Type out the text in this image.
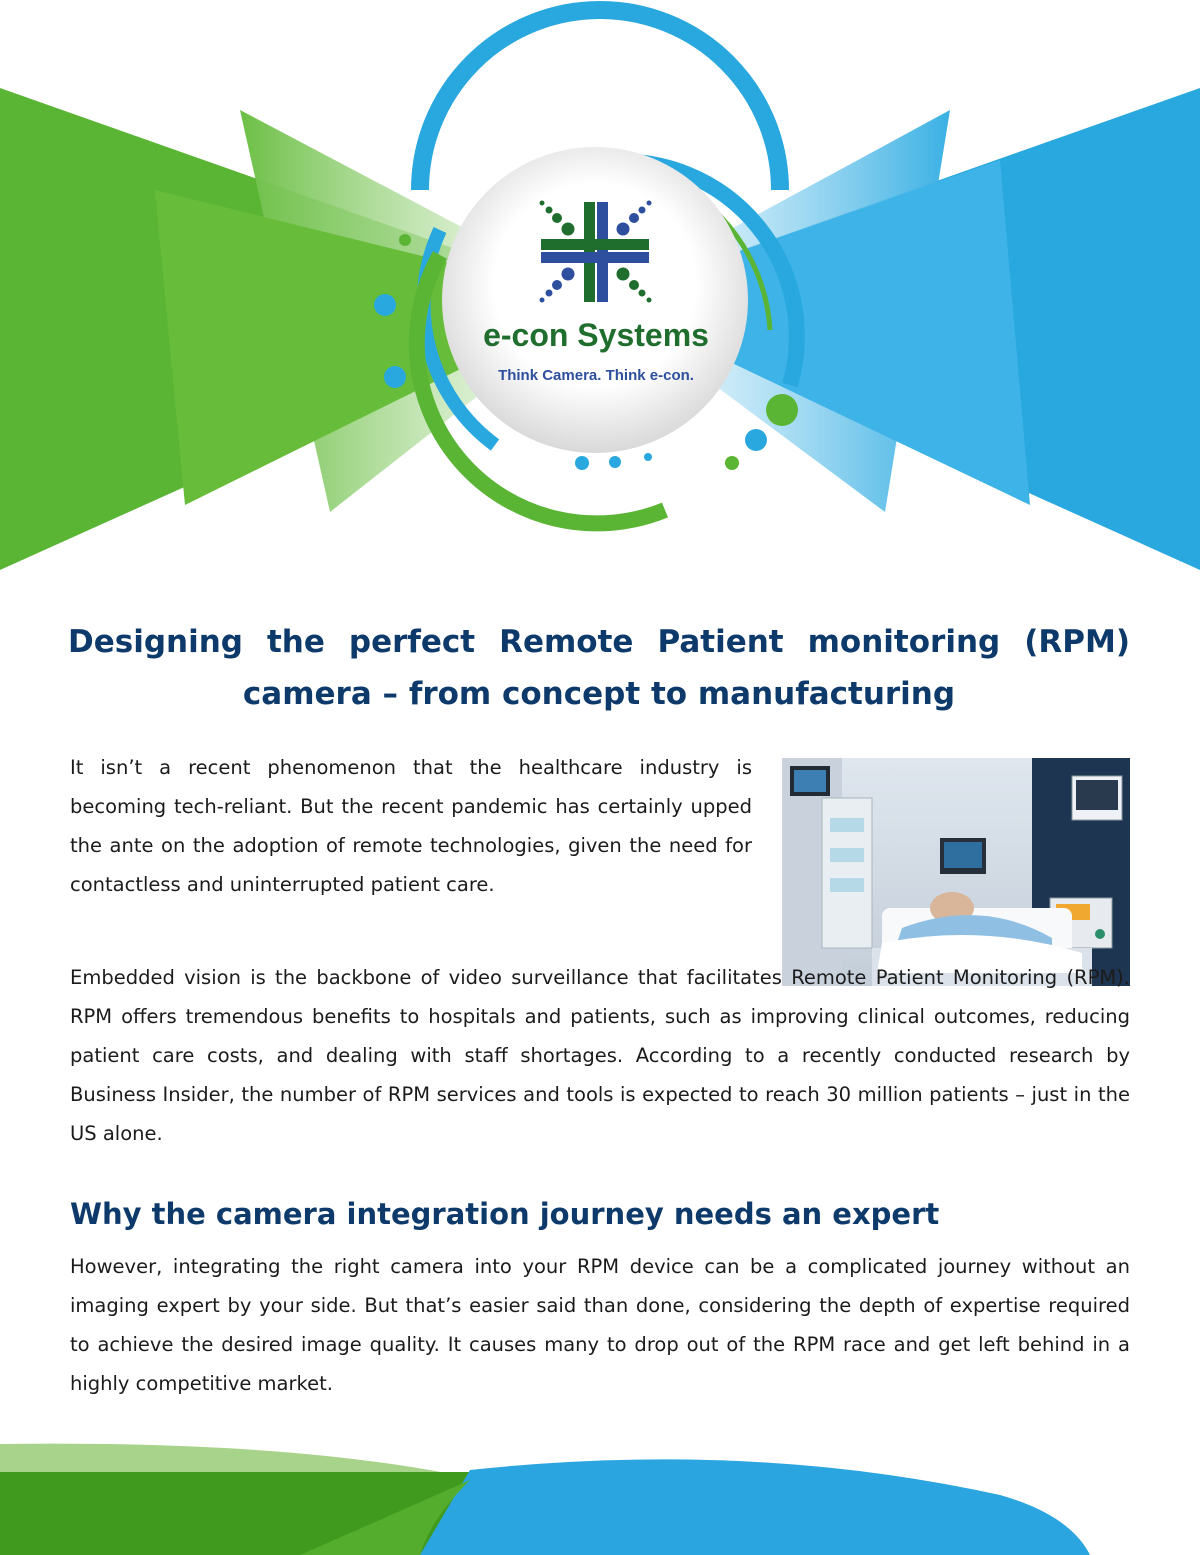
e-con Systems
Think Camera. Think e-con.
Designing the perfect Remote Patient monitoring (RPM)
camera – from concept to manufacturing
It isn’t a recent phenomenon that the healthcare industry is becoming tech-reliant. But the recent pandemic has certainly upped the ante on the adoption of remote technologies, given the need for contactless and uninterrupted patient care.

Embedded vision is the backbone of video surveillance that facilitates Remote Patient Monitoring (RPM). RPM offers tremendous benefits to hospitals and patients, such as improving clinical outcomes, reducing patient care costs, and dealing with staff shortages. According to a recently conducted research by Business Insider, the number of RPM services and tools is expected to reach 30 million patients – just in the US alone.

Why the camera integration journey needs an expert

However, integrating the right camera into your RPM device can be a complicated journey without an imaging expert by your side. But that’s easier said than done, considering the depth of expertise required to achieve the desired image quality. It causes many to drop out of the RPM race and get left behind in a highly competitive market.
